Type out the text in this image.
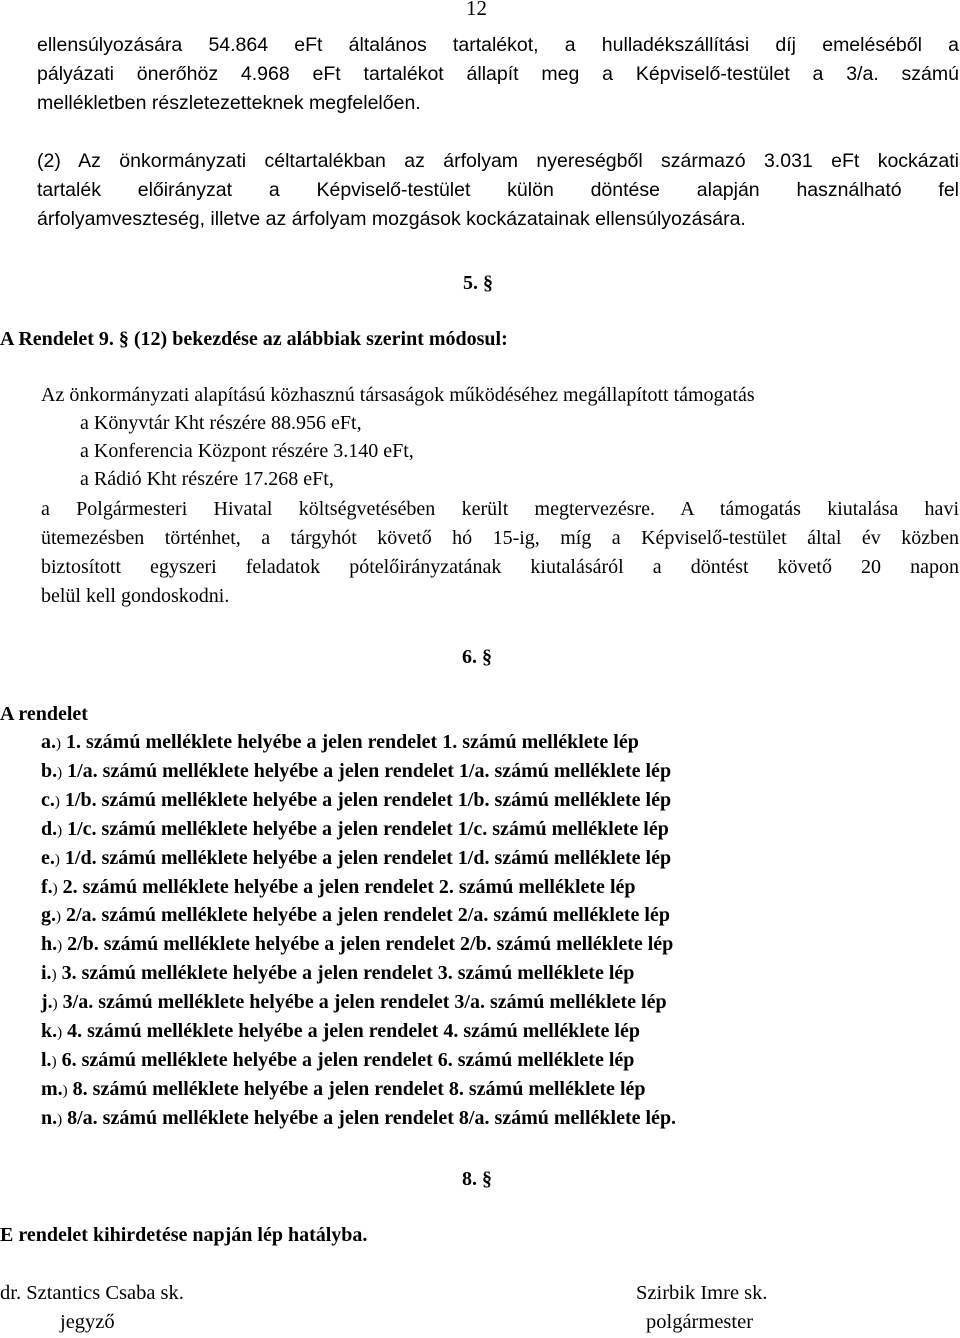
12
ellensúlyozására 54.864 eFt általános tartalékot, a hulladékszállítási díj emeléséből a
pályázati önerőhöz 4.968 eFt tartalékot állapít meg a Képviselő-testület a 3/a. számú
mellékletben részletezetteknek megfelelően.
(2) Az önkormányzati céltartalékban az árfolyam nyereségből származó 3.031 eFt kockázati
tartalék előirányzat a Képviselő-testület külön döntése alapján használható fel
árfolyamveszteség, illetve az árfolyam mozgások kockázatainak ellensúlyozására.
5. §
A Rendelet 9. § (12) bekezdése az alábbiak szerint módosul:
Az önkormányzati alapítású közhasznú társaságok működéséhez megállapított támogatás
a Könyvtár Kht részére 88.956 eFt,
a Konferencia Központ részére 3.140 eFt,
a Rádió Kht részére 17.268 eFt,
a Polgármesteri Hivatal költségvetésében került megtervezésre. A támogatás kiutalása havi
ütemezésben történhet, a tárgyhót követő hó 15-ig, míg a Képviselő-testület által év közben
biztosított egyszeri feladatok pótelőirányzatának kiutalásáról a döntést követő 20 napon
belül kell gondoskodni.
6. §
A rendelet
a.) 1. számú melléklete helyébe a jelen rendelet 1. számú melléklete lép
b.) 1/a. számú melléklete helyébe a jelen rendelet 1/a. számú melléklete lép
c.) 1/b. számú melléklete helyébe a jelen rendelet 1/b. számú melléklete lép
d.) 1/c. számú melléklete helyébe a jelen rendelet 1/c. számú melléklete lép
e.) 1/d. számú melléklete helyébe a jelen rendelet 1/d. számú melléklete lép
f.) 2. számú melléklete helyébe a jelen rendelet 2. számú melléklete lép
g.) 2/a. számú melléklete helyébe a jelen rendelet 2/a. számú melléklete lép
h.) 2/b. számú melléklete helyébe a jelen rendelet 2/b. számú melléklete lép
i.) 3. számú melléklete helyébe a jelen rendelet 3. számú melléklete lép
j.) 3/a. számú melléklete helyébe a jelen rendelet 3/a. számú melléklete lép
k.) 4. számú melléklete helyébe a jelen rendelet 4. számú melléklete lép
l.) 6. számú melléklete helyébe a jelen rendelet 6. számú melléklete lép
m.) 8. számú melléklete helyébe a jelen rendelet 8. számú melléklete lép
n.) 8/a. számú melléklete helyébe a jelen rendelet 8/a. számú melléklete lép.
8. §
E rendelet kihirdetése napján lép hatályba.
dr. Sztantics Csaba sk.
jegyző
Szirbik Imre sk.
polgármester
